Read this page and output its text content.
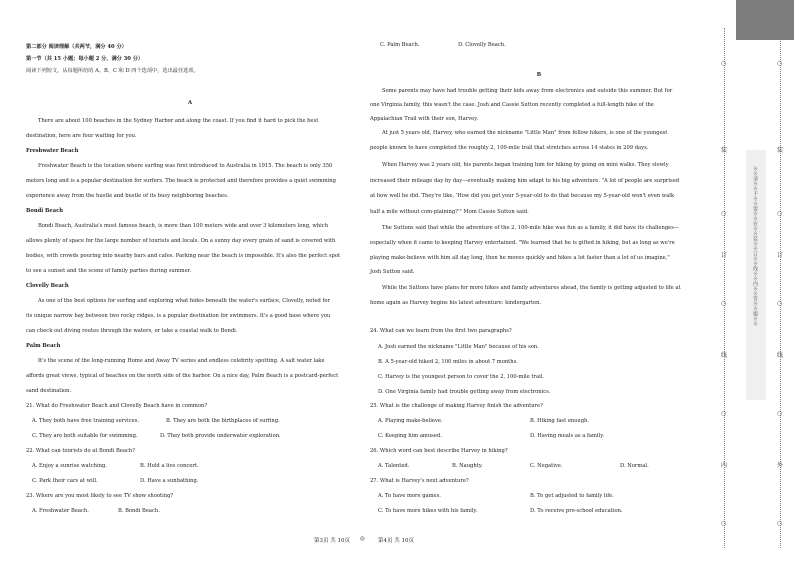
第二部分 阅读理解（共两节，满分 40 分）
第一节（共 15 小题；每小题 2 分，满分 30 分）
阅读下列短文，从每题所给的 A、B、C 和 D 四个选项中，选出最佳选项。
A
There are about 100 beaches in the Sydney Harbor and along the coast. If you find it hard to pick the best
destination, here are four waiting for you.
Freshwater Beach
Freshwater Beach is the location where surfing was first introduced to Australia in 1915. The beach is only 350
meters long and is a popular destination for surfers. The beach is protected and therefore provides a quiet swimming
experience away from the hustle and bustle of its busy neighboring beaches.
Bondi Beach
Bondi Beach, Australia's most famous beach, is more than 100 meters wide and over 3 kilometers long, which
allows plenty of space for the large number of tourists and locals. On a sunny day every grain of sand is covered with
bodies, with crowds pouring into nearby bars and cafes. Parking near the beach is impossible. It's also the perfect spot
to see a sunset and the scene of family parties during summer.
Clovelly Beach
As one of the best options for surfing and exploring what hides beneath the water's surface, Clovelly, noted for
its unique narrow bay between two rocky ridges, is a popular destination for swimmers. It's a good base where you
can check out diving routes through the waters, or take a coastal walk to Bondi.
Palm Beach
It's the scene of the long-running Home and Away TV series and endless celebrity spotting. A salt water lake
affords great views, typical of beaches on the north side of the harbor. On a nice day, Palm Beach is a postcard-perfect
sand destination.
21. What do Freshwater Beach and Clovelly Beach have in common?
A. They both have free training services.	B. They are both the birthplaces of surfing.
C. They are both suitable for swimming.	D. They both provide underwater exploration.
22. What can tourists do at Bondi Beach?
A. Enjoy a sunrise watching.	B. Hold a live concert.
C. Park their cars at will.	D. Have a sunbathing.
23. Where are you most likely to see TV show shooting?
A. Freshwater Beach.	B. Bondi Beach.
C. Palm Beach.	D. Clovelly Beach.
B
Some parents may have had trouble getting their kids away from electronics and outside this summer. But for
one Virginia family, this wasn't the case. Josh and Cassie Sutton recently completed a full-length hike of the
Appalachian Trail with their son, Harvey.
At just 5 years old, Harvey, who earned the nickname "Little Man" from fellow hikers, is one of the youngest
people known to have completed the roughly 2, 100-mile trail that stretches across 14 states in 209 days.
When Harvey was 2 years old, his parents began training him for hiking by going on mini walks. They slowly
increased their mileage day by day—eventually making him adapt to his big adventure. "A lot of people are surprised
at how well he did. They're like, 'How did you get your 5-year-old to do that because my 5-year-old won't even walk
half a mile without com-plaining?'" Mom Cassie Sutton said.
The Suttons said that while the adventure of the 2, 100-mile hike was fun as a family, it did have its challenges—
especially when it came to keeping Harvey entertained. "We learned that he is gifted in hiking, but as long as we're
playing make-believe with him all day long, then he moves quickly and hikes a lot faster than a lot of us imagine,"
Josh Sutton said.
While the Suttons have plans for more hikes and family adventures ahead, the family is getting adjusted to life at
home again as Harvey begins his latest adventure: kindergarten.
24. What can we learn from the first two paragraphs?
A. Josh earned the nickname "Little Man" because of his son.
B. A 5-year-old hiked 2, 100 miles in about 7 months.
C. Harvey is the youngest person to cover the 2, 100-mile trail.
D. One Virginia family had trouble getting away from electronics.
25. What is the challenge of making Harvey finish the adventure?
A. Playing make-believe.	B. Hiking fast enough.
C. Keeping him amused.	D. Having meals as a family.
26. Which word can best describe Harvey in hiking?
A. Talented.	B. Naughty.	C. Negative.	D. Normal.
27. What is Harvey's next adventure?
A. To have more games.	B. To get adjusted to family life.
C. To have more hikes with his family.	D. To receive pre-school education.
第3页 共 10页 ◎ 第4页 共 10页
※※请※※不※※要※※在※※装※※订※※线※※内※※答※※题※※
○
装
○
订
○
线
○
内
○
○
装
○
订
○
线
○
外
○
